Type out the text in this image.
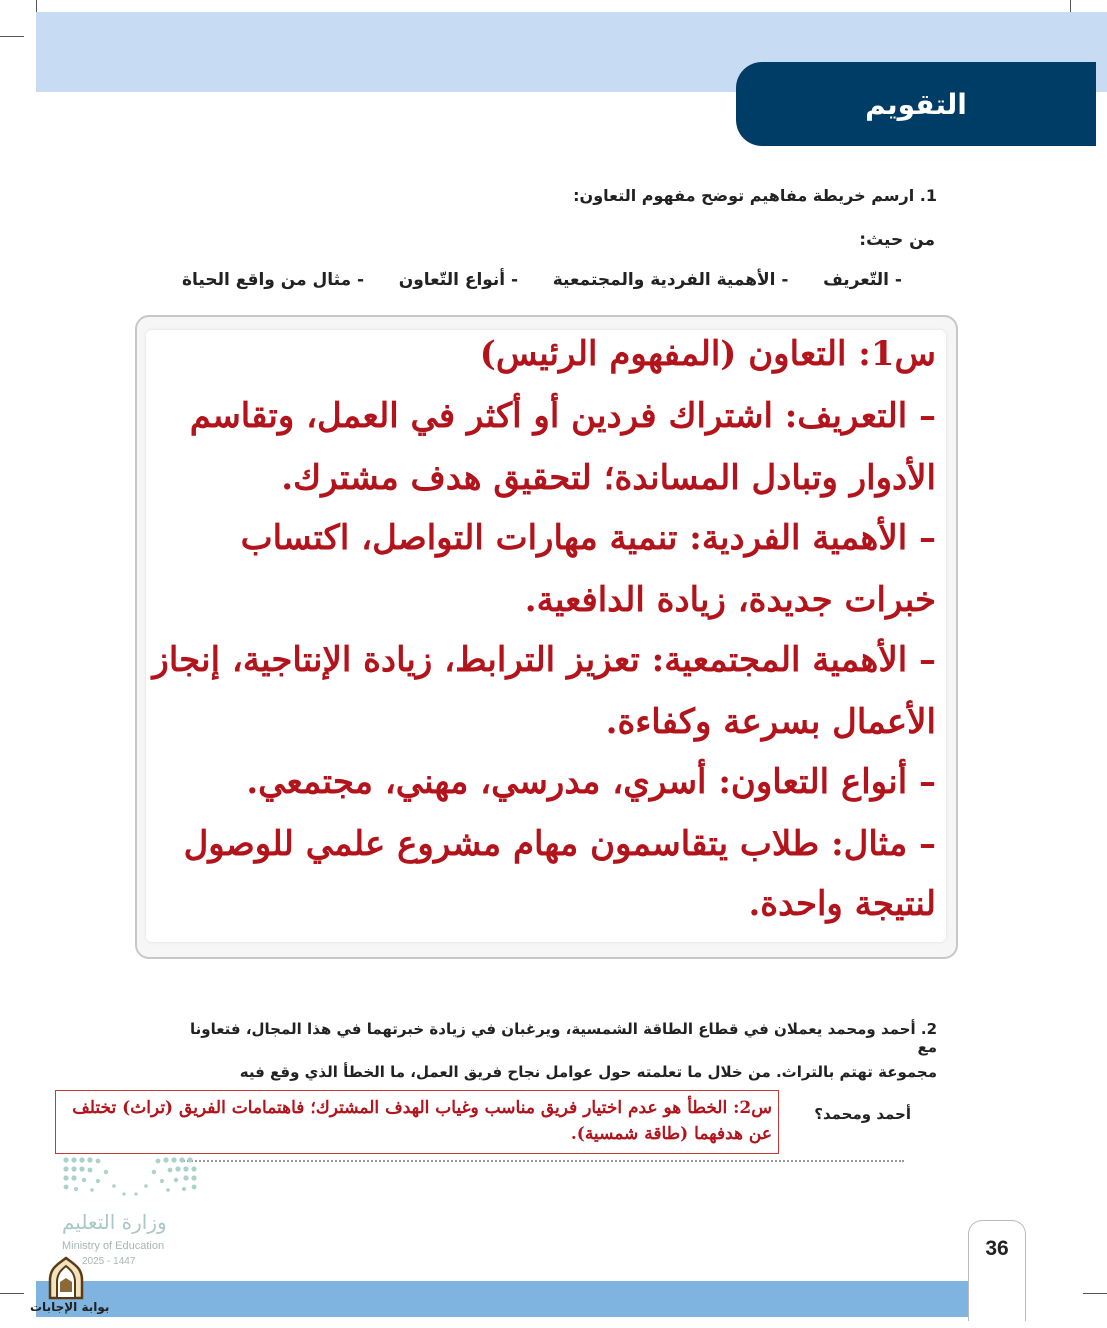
التقويم
1. ارسم خريطة مفاهيم توضح مفهوم التعاون:
من حيث:
- التّعريف
- الأهمية الفردية والمجتمعية
- أنواع التّعاون
- مثال من واقع الحياة
س1: التعاون (المفهوم الرئيس)
– التعريف: اشتراك فردين أو أكثر في العمل، وتقاسم
الأدوار وتبادل المساندة؛ لتحقيق هدف مشترك.
– الأهمية الفردية: تنمية مهارات التواصل، اكتساب
خبرات جديدة، زيادة الدافعية.
– الأهمية المجتمعية: تعزيز الترابط، زيادة الإنتاجية، إنجاز
الأعمال بسرعة وكفاءة.
– أنواع التعاون: أسري، مدرسي، مهني، مجتمعي.
– مثال: طلاب يتقاسمون مهام مشروع علمي للوصول
لنتيجة واحدة.
2. أحمد ومحمد يعملان في قطاع الطاقة الشمسية، ويرغبان في زيادة خبرتهما في هذا المجال، فتعاونا مع
مجموعة تهتم بالتراث. من خلال ما تعلمته حول عوامل نجاح فريق العمل، ما الخطأ الذي وقع فيه
أحمد ومحمد؟
س2: الخطأ هو عدم اختيار فريق مناسب وغياب الهدف المشترك؛ فاهتمامات الفريق (تراث) تختلف عن هدفهما (طاقة شمسية).
وزارة التعليم
Ministry of Education
2025 - 1447
36
بوابة الإجابات
